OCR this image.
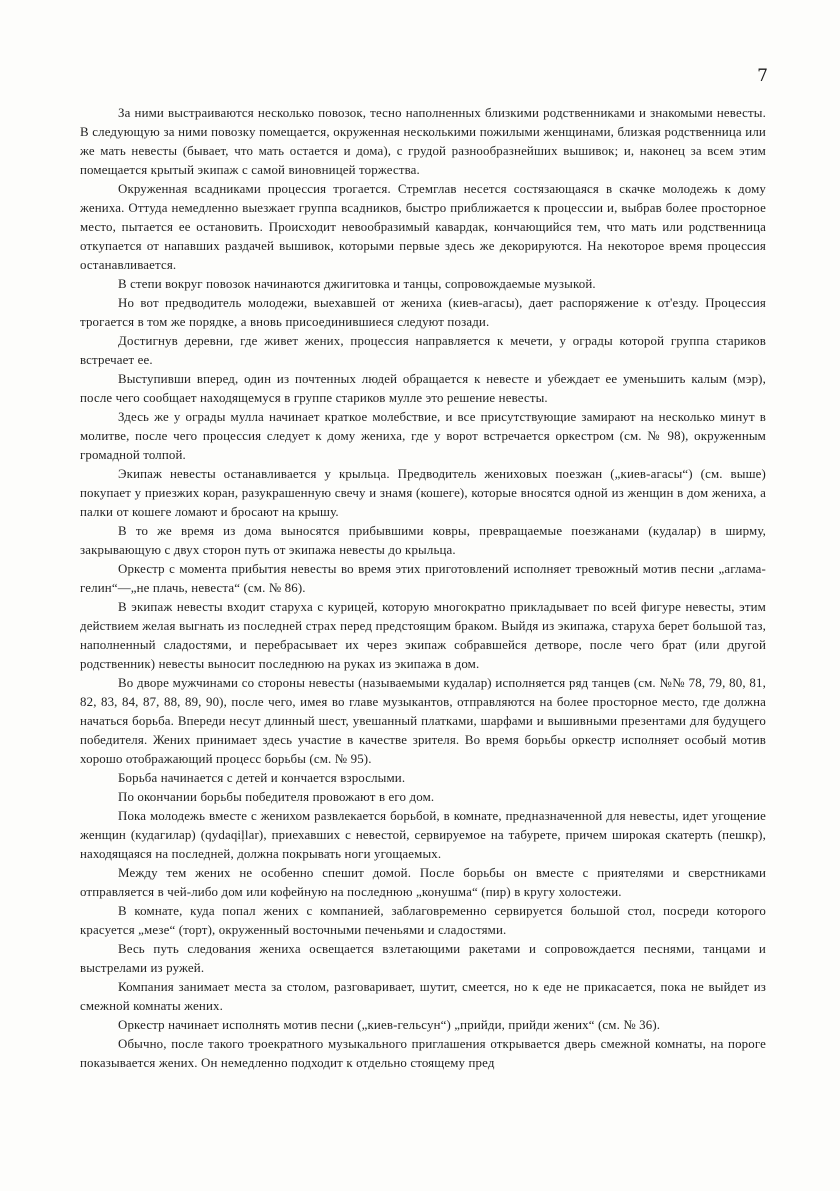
7

За ними выстраиваются несколько повозок, тесно наполненных близкими родственниками и знакомыми невесты. В следующую за ними повозку помещается, окруженная несколькими пожилыми женщинами, близкая родственница или же мать невесты (бывает, что мать остается и дома), с грудой разнообразнейших вышивок; и, наконец за всем этим помещается крытый экипаж с самой виновницей торжества.

Окруженная всадниками процессия трогается. Стремглав несется состязающаяся в скачке молодежь к дому жениха. Оттуда немедленно выезжает группа всадников, быстро приближается к процессии и, выбрав более просторное место, пытается ее остановить. Происходит невообразимый кавардак, кончающийся тем, что мать или родственница откупается от напавших раздачей вышивок, которыми первые здесь же декорируются. На некоторое время процессия останавливается.

В степи вокруг повозок начинаются джигитовка и танцы, сопровождаемые музыкой.

Но вот предводитель молодежи, выехавшей от жениха (киев-агасы), дает распоряжение к от'езду. Процессия трогается в том же порядке, а вновь присоединившиеся следуют позади.

Достигнув деревни, где живет жених, процессия направляется к мечети, у ограды которой группа стариков встречает ее.

Выступивши вперед, один из почтенных людей обращается к невесте и убеждает ее уменьшить калым (мэр), после чего сообщает находящемуся в группе стариков мулле это решение невесты.

Здесь же у ограды мулла начинает краткое молебствие, и все присутствующие замирают на несколько минут в молитве, после чего процессия следует к дому жениха, где у ворот встречается оркестром (см. № 98), окруженным громадной толпой.

Экипаж невесты останавливается у крыльца. Предводитель жениховых поезжан („киев-агасы“) (см. выше) покупает у приезжих коран, разукрашенную свечу и знамя (кошеге), которые вносятся одной из женщин в дом жениха, а палки от кошеге ломают и бросают на крышу.

В то же время из дома выносятся прибывшими ковры, превращаемые поезжанами (кудалар) в ширму, закрывающую с двух сторон путь от экипажа невесты до крыльца.

Оркестр с момента прибытия невесты во время этих приготовлений исполняет тревожный мотив песни „аглама-гелин“—„не плачь, невеста“ (см. № 86).

В экипаж невесты входит старуха с курицей, которую многократно прикладывает по всей фигуре невесты, этим действием желая выгнать из последней страх перед предстоящим браком. Выйдя из экипажа, старуха берет большой таз, наполненный сладостями, и перебрасывает их через экипаж собравшейся детворе, после чего брат (или другой родственник) невесты выносит последнюю на руках из экипажа в дом.

Во дворе мужчинами со стороны невесты (называемыми кудалар) исполняется ряд танцев (см. №№ 78, 79, 80, 81, 82, 83, 84, 87, 88, 89, 90), после чего, имея во главе музыкантов, отправляются на более просторное место, где должна начаться борьба. Впереди несут длинный шест, увешанный платками, шарфами и вышивными презентами для будущего победителя. Жених принимает здесь участие в качестве зрителя. Во время борьбы оркестр исполняет особый мотив хорошо отображающий процесс борьбы (см. № 95).

Борьба начинается с детей и кончается взрослыми.

По окончании борьбы победителя провожают в его дом.

Пока молодежь вместе с женихом развлекается борьбой, в комнате, предназначенной для невесты, идет угощение женщин (кудагилар) (qydaqiļlar), приехавших с невестой, сервируемое на табурете, причем широкая скатерть (пешкр), находящаяся на последней, должна покрывать ноги угощаемых.

Между тем жених не особенно спешит домой. После борьбы он вместе с приятелями и сверстниками отправляется в чей-либо дом или кофейную на последнюю „конушма“ (пир) в кругу холостежи.

В комнате, куда попал жених с компанией, заблаговременно сервируется большой стол, посреди которого красуется „мезе“ (торт), окруженный восточными печеньями и сладостями.

Весь путь следования жениха освещается взлетающими ракетами и сопровождается песнями, танцами и выстрелами из ружей.

Компания занимает места за столом, разговаривает, шутит, смеется, но к еде не прикасается, пока не выйдет из смежной комнаты жених.

Оркестр начинает исполнять мотив песни („киев-гельсун“) „прийди, прийди жених“ (см. № 36).

Обычно, после такого троекратного музыкального приглашения открывается дверь смежной комнаты, на пороге показывается жених. Он немедленно подходит к отдельно стоящему пред
